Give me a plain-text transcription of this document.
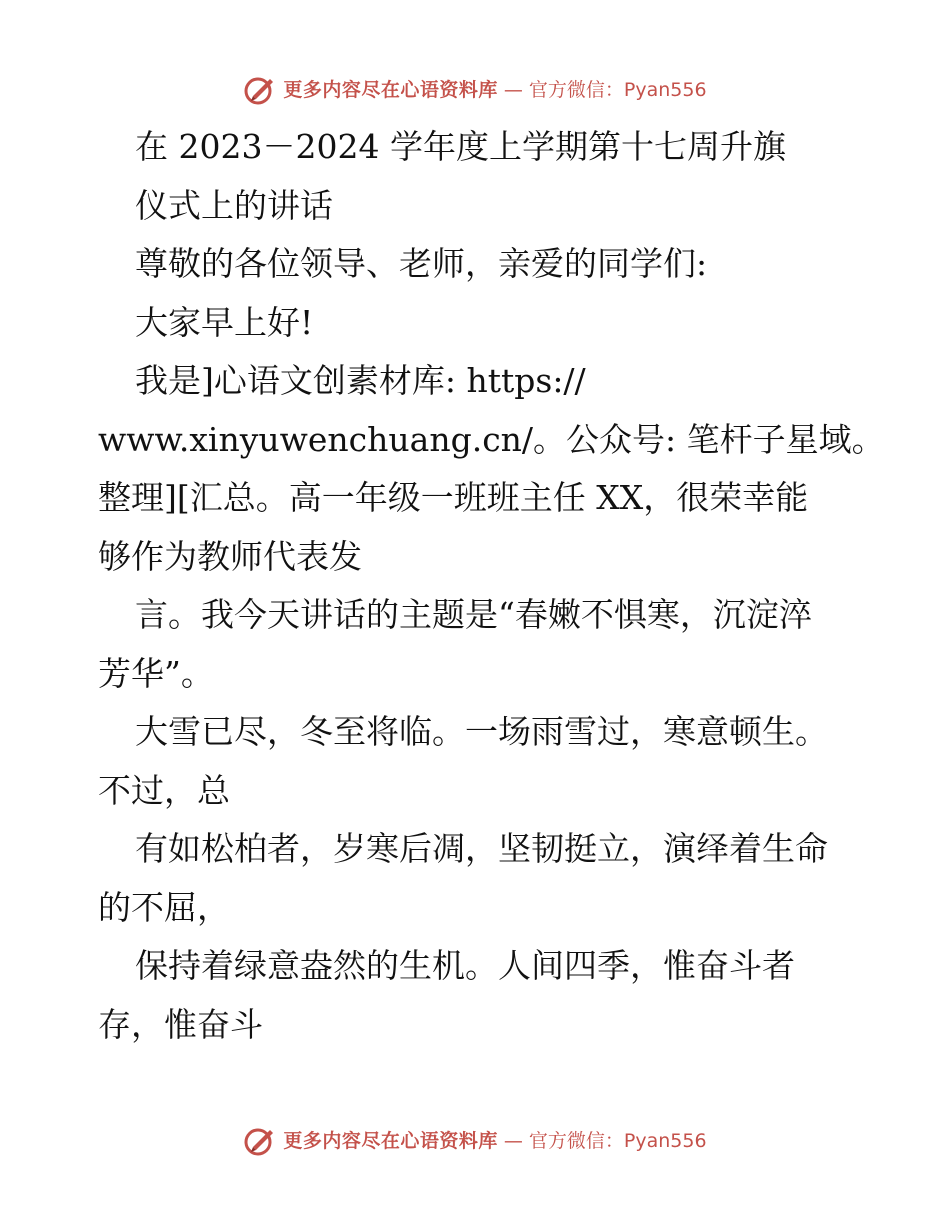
更多内容尽在心语资料库 — 官方微信：Pyan556
在 2023－2024 学年度上学期第十七周升旗
仪式上的讲话
尊敬的各位领导、老师，亲爱的同学们:
大家早上好!
我是]心语文创素材库: https://
www.xinyuwenchuang.cn/。公众号: 笔杆子星域。
整理][汇总。高一年级一班班主任 XX，很荣幸能
够作为教师代表发
言。我今天讲话的主题是“春嫩不惧寒，沉淀淬
芳华”。
大雪已尽，冬至将临。一场雨雪过，寒意顿生。
不过，总
有如松柏者，岁寒后凋，坚韧挺立，演绎着生命
的不屈，
保持着绿意盎然的生机。人间四季，惟奋斗者
存，惟奋斗
更多内容尽在心语资料库 — 官方微信：Pyan556
